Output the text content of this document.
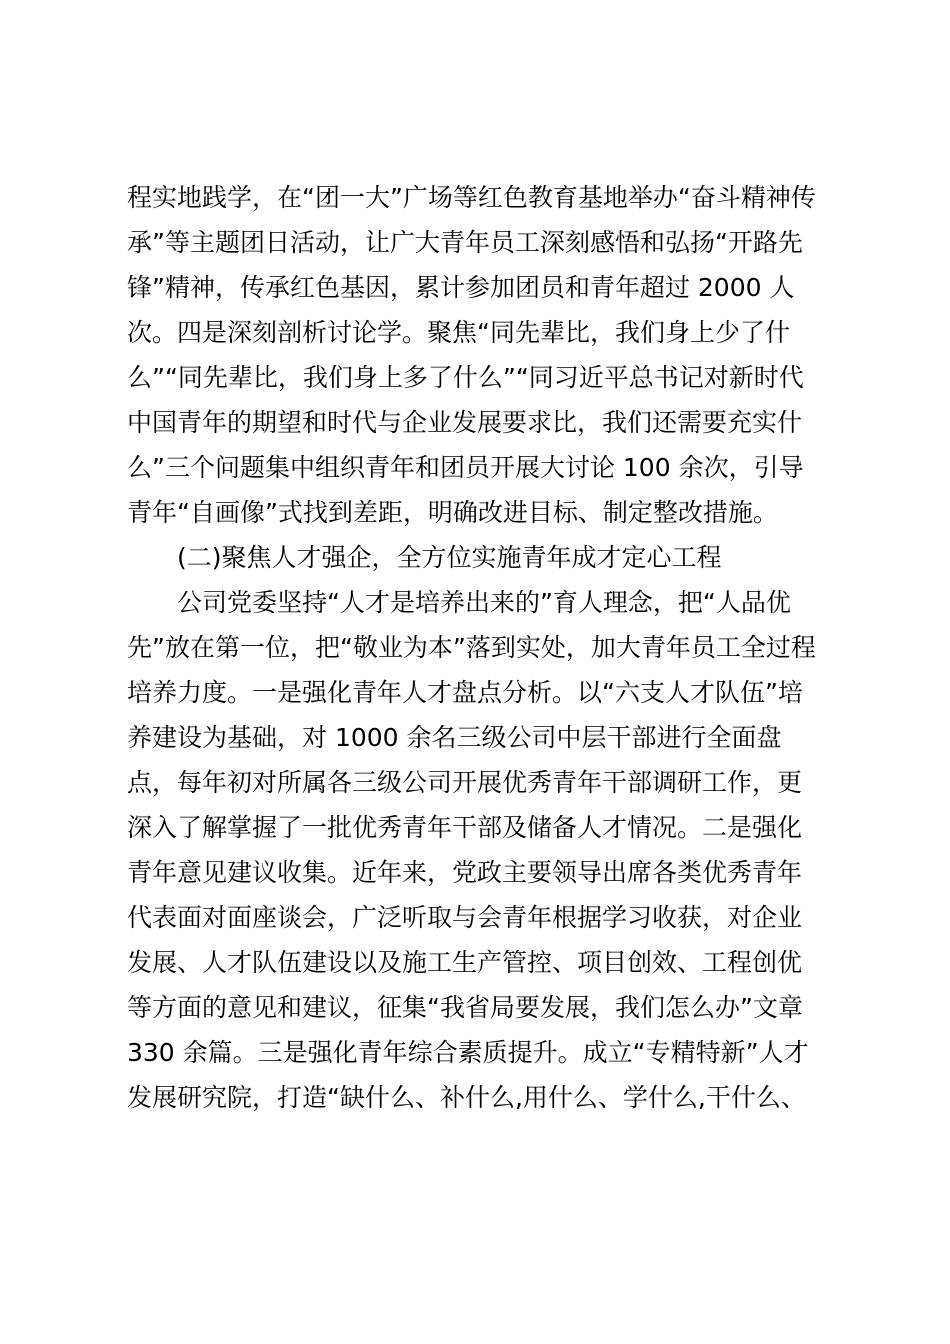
程实地践学，在“团一大”广场等红色教育基地举办“奋斗精神传
承”等主题团日活动，让广大青年员工深刻感悟和弘扬“开路先
锋”精神，传承红色基因，累计参加团员和青年超过 2000 人
次。四是深刻剖析讨论学。聚焦“同先辈比，我们身上少了什
么”“同先辈比，我们身上多了什么”“同习近平总书记对新时代
中国青年的期望和时代与企业发展要求比，我们还需要充实什
么”三个问题集中组织青年和团员开展大讨论 100 余次，引导
青年“自画像”式找到差距，明确改进目标、制定整改措施。
(二)聚焦人才强企，全方位实施青年成才定心工程
公司党委坚持“人才是培养出来的”育人理念，把“人品优
先”放在第一位，把“敬业为本”落到实处，加大青年员工全过程
培养力度。一是强化青年人才盘点分析。以“六支人才队伍”培
养建设为基础，对 1000 余名三级公司中层干部进行全面盘
点，每年初对所属各三级公司开展优秀青年干部调研工作，更
深入了解掌握了一批优秀青年干部及储备人才情况。二是强化
青年意见建议收集。近年来，党政主要领导出席各类优秀青年
代表面对面座谈会，广泛听取与会青年根据学习收获，对企业
发展、人才队伍建设以及施工生产管控、项目创效、工程创优
等方面的意见和建议，征集“我省局要发展，我们怎么办”文章
330 余篇。三是强化青年综合素质提升。成立“专精特新”人才
发展研究院，打造“缺什么、补什么,用什么、学什么,干什么、
